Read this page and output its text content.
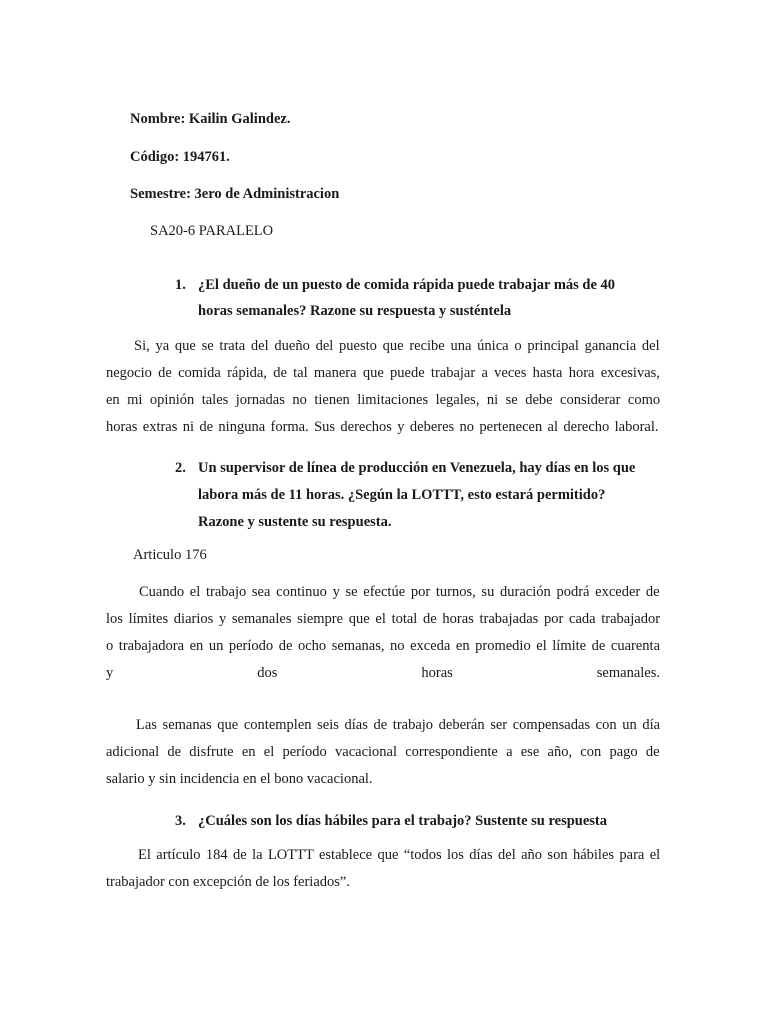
Nombre: Kailin Galindez.
Código: 194761.
Semestre: 3ero de Administracion
SA20-6 PARALELO
1. ¿El dueño de un puesto de comida rápida puede trabajar más de 40
horas semanales? Razone su respuesta y susténtela
Si, ya que se trata del dueño del puesto que recibe una única o principal ganancia del
negocio de comida rápida, de tal manera que puede trabajar a veces hasta hora excesivas,
en mi opinión tales jornadas no tienen limitaciones legales, ni se debe considerar como
horas extras ni de ninguna forma. Sus derechos y deberes no pertenecen al derecho laboral.
2. Un supervisor de línea de producción en Venezuela, hay días en los que
labora más de 11 horas. ¿Según la LOTTT, esto estará permitido?
Razone y sustente su respuesta.
Articulo 176
Cuando el trabajo sea continuo y se efectúe por turnos, su duración podrá exceder de
los límites diarios y semanales siempre que el total de horas trabajadas por cada trabajador
o trabajadora en un período de ocho semanas, no exceda en promedio el límite de cuarenta
y	dos	horas	semanales.
Las semanas que contemplen seis días de trabajo deberán ser compensadas con un día
adicional de disfrute en el período vacacional correspondiente a ese año, con pago de
salario y sin incidencia en el bono vacacional.
3. ¿Cuáles son los días hábiles para el trabajo? Sustente su respuesta
El artículo 184 de la LOTTT establece que “todos los días del año son hábiles para el
trabajador con excepción de los feriados”.
